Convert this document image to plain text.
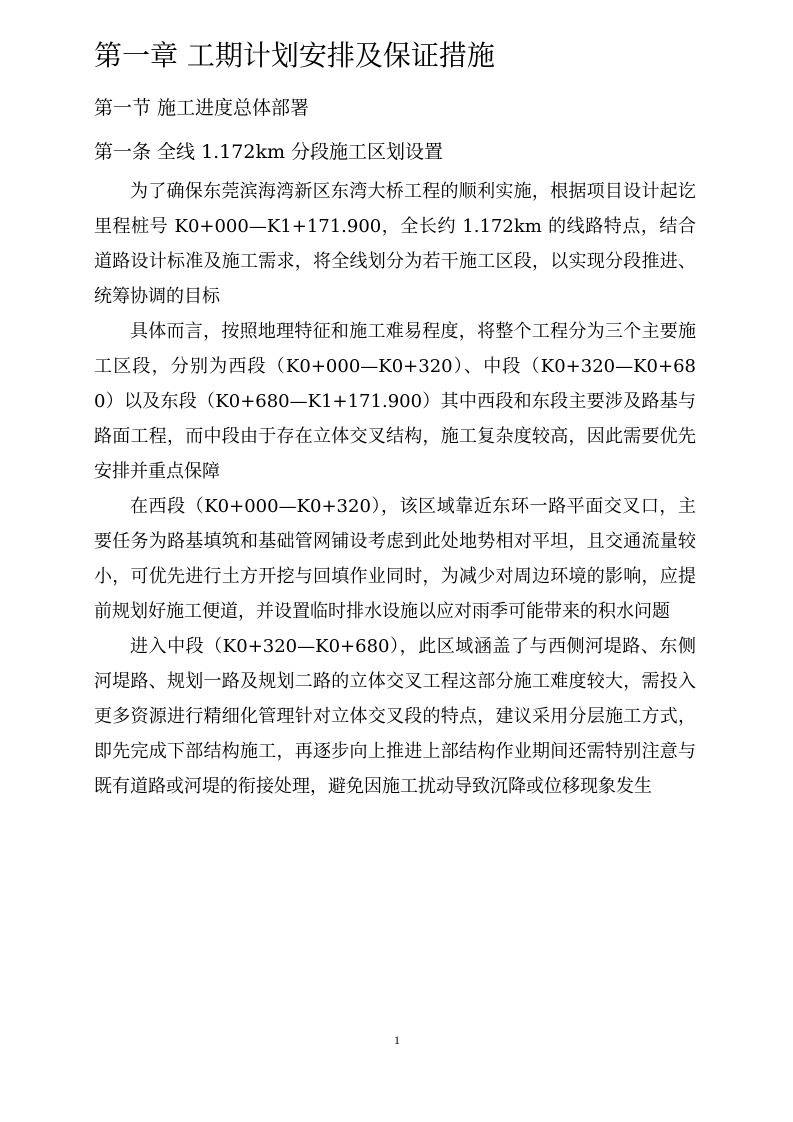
第一章 工期计划安排及保证措施
第一节 施工进度总体部署
第一条 全线 1.172km 分段施工区划设置

为了确保东莞滨海湾新区东湾大桥工程的顺利实施，根据项目设计起讫里程桩号 K0+000—K1+171.900，全长约 1.172km 的线路特点，结合道路设计标准及施工需求，将全线划分为若干施工区段，以实现分段推进、统筹协调的目标

具体而言，按照地理特征和施工难易程度，将整个工程分为三个主要施工区段，分别为西段（K0+000—K0+320）、中段（K0+320—K0+680）以及东段（K0+680—K1+171.900）其中西段和东段主要涉及路基与路面工程，而中段由于存在立体交叉结构，施工复杂度较高，因此需要优先安排并重点保障

在西段（K0+000—K0+320），该区域靠近东环一路平面交叉口，主要任务为路基填筑和基础管网铺设考虑到此处地势相对平坦，且交通流量较小，可优先进行土方开挖与回填作业同时，为减少对周边环境的影响，应提前规划好施工便道，并设置临时排水设施以应对雨季可能带来的积水问题

进入中段（K0+320—K0+680），此区域涵盖了与西侧河堤路、东侧河堤路、规划一路及规划二路的立体交叉工程这部分施工难度较大，需投入更多资源进行精细化管理针对立体交叉段的特点，建议采用分层施工方式，即先完成下部结构施工，再逐步向上推进上部结构作业期间还需特别注意与既有道路或河堤的衔接处理，避免因施工扰动导致沉降或位移现象发生

1
